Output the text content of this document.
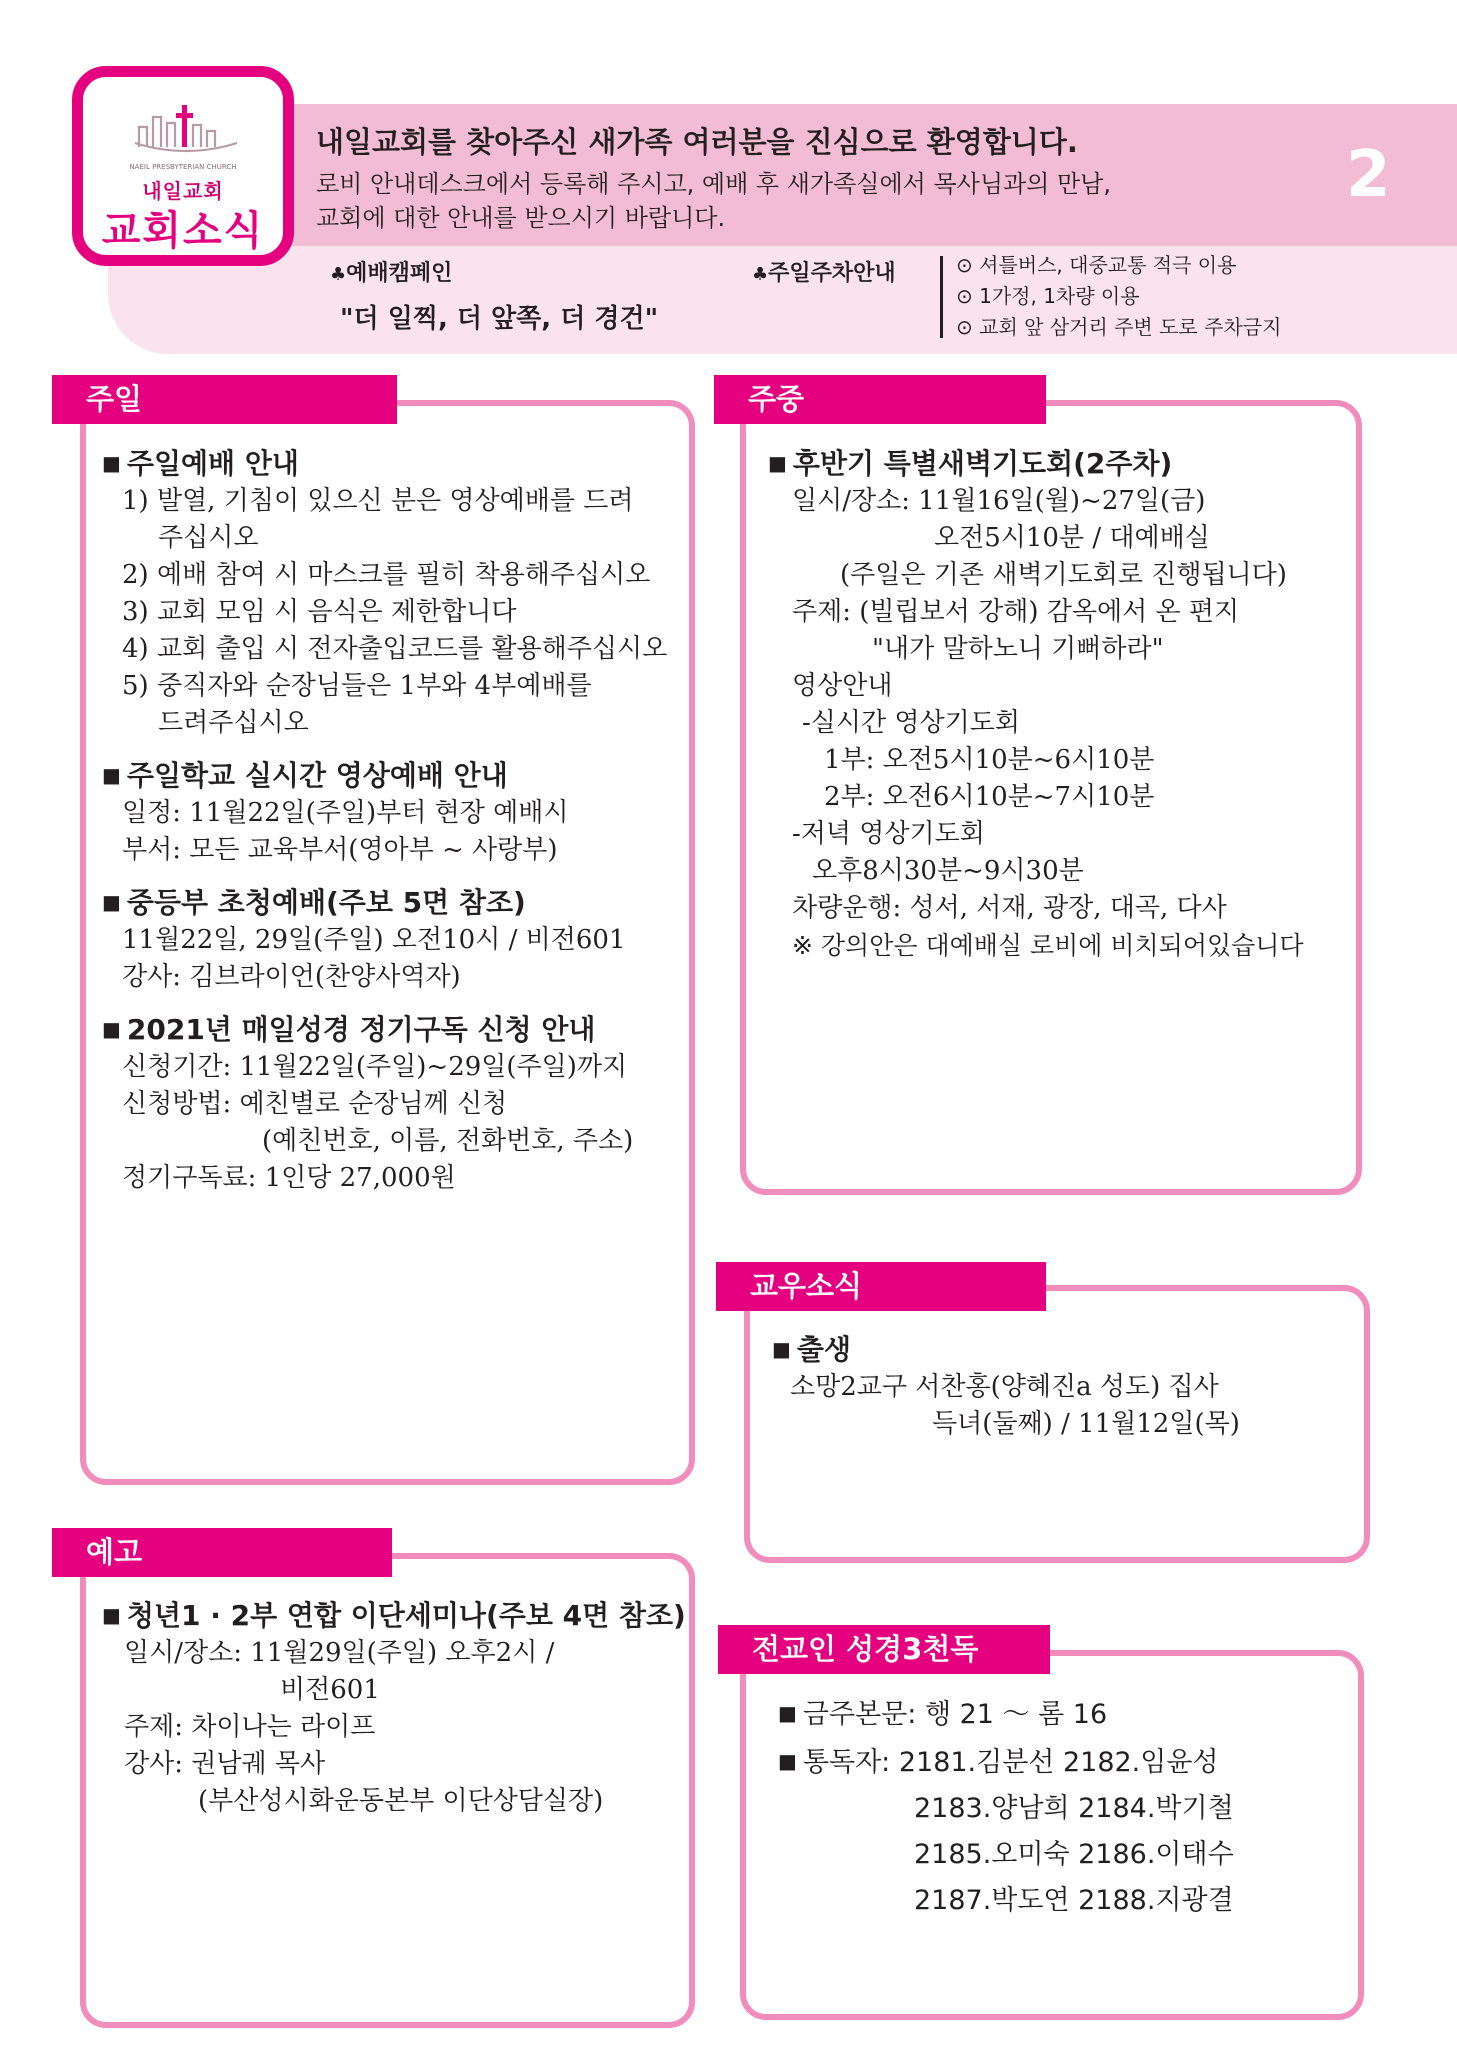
NAEIL PRESBYTERIAN CHURCH
내일교회
교회소식
내일교회를 찾아주신 새가족 여러분을 진심으로 환영합니다.
로비 안내데스크에서 등록해 주시고, 예배 후 새가족실에서 목사님과의 만남,
교회에 대한 안내를 받으시기 바랍니다.
2
♣예배캠페인
"더 일찍, 더 앞쪽, 더 경건"
♣주일주차안내	⊙ 셔틀버스, 대중교통 적극 이용
⊙ 1가정, 1차량 이용
⊙ 교회 앞 삼거리 주변 도로 주차금지
주일
■ 주일예배 안내
1) 발열, 기침이 있으신 분은 영상예배를 드려
주십시오
2) 예배 참여 시 마스크를 필히 착용해주십시오
3) 교회 모임 시 음식은 제한합니다
4) 교회 출입 시 전자출입코드를 활용해주십시오
5) 중직자와 순장님들은 1부와 4부예배를
드려주십시오
■ 주일학교 실시간 영상예배 안내
일정: 11월22일(주일)부터 현장 예배시
부서: 모든 교육부서(영아부 ~ 사랑부)
■ 중등부 초청예배(주보 5면 참조)
11월22일, 29일(주일) 오전10시 / 비전601
강사: 김브라이언(찬양사역자)
■ 2021년 매일성경 정기구독 신청 안내
신청기간: 11월22일(주일)~29일(주일)까지
신청방법: 예친별로 순장님께 신청
(예친번호, 이름, 전화번호, 주소)
정기구독료: 1인당 27,000원
주중
■ 후반기 특별새벽기도회(2주차)
일시/장소: 11월16일(월)~27일(금)
오전5시10분 / 대예배실
(주일은 기존 새벽기도회로 진행됩니다)
주제: (빌립보서 강해) 감옥에서 온 편지
"내가 말하노니 기뻐하라"
영상안내
-실시간 영상기도회
1부: 오전5시10분~6시10분
2부: 오전6시10분~7시10분
-저녁 영상기도회
오후8시30분~9시30분
차량운행: 성서, 서재, 광장, 대곡, 다사
※ 강의안은 대예배실 로비에 비치되어있습니다
교우소식
■ 출생
소망2교구 서찬홍(양혜진a 성도) 집사
득녀(둘째) / 11월12일(목)
예고
■ 청년1 · 2부 연합 이단세미나(주보 4면 참조)
일시/장소: 11월29일(주일) 오후2시 /
비전601
주제: 차이나는 라이프
강사: 권남궤 목사
(부산성시화운동본부 이단상담실장)
전교인 성경3천독
■ 금주본문: 행 21 ～ 롬 16
■ 통독자: 2181.김분선 2182.임윤성
2183.양남희 2184.박기철
2185.오미숙 2186.이태수
2187.박도연 2188.지광결
